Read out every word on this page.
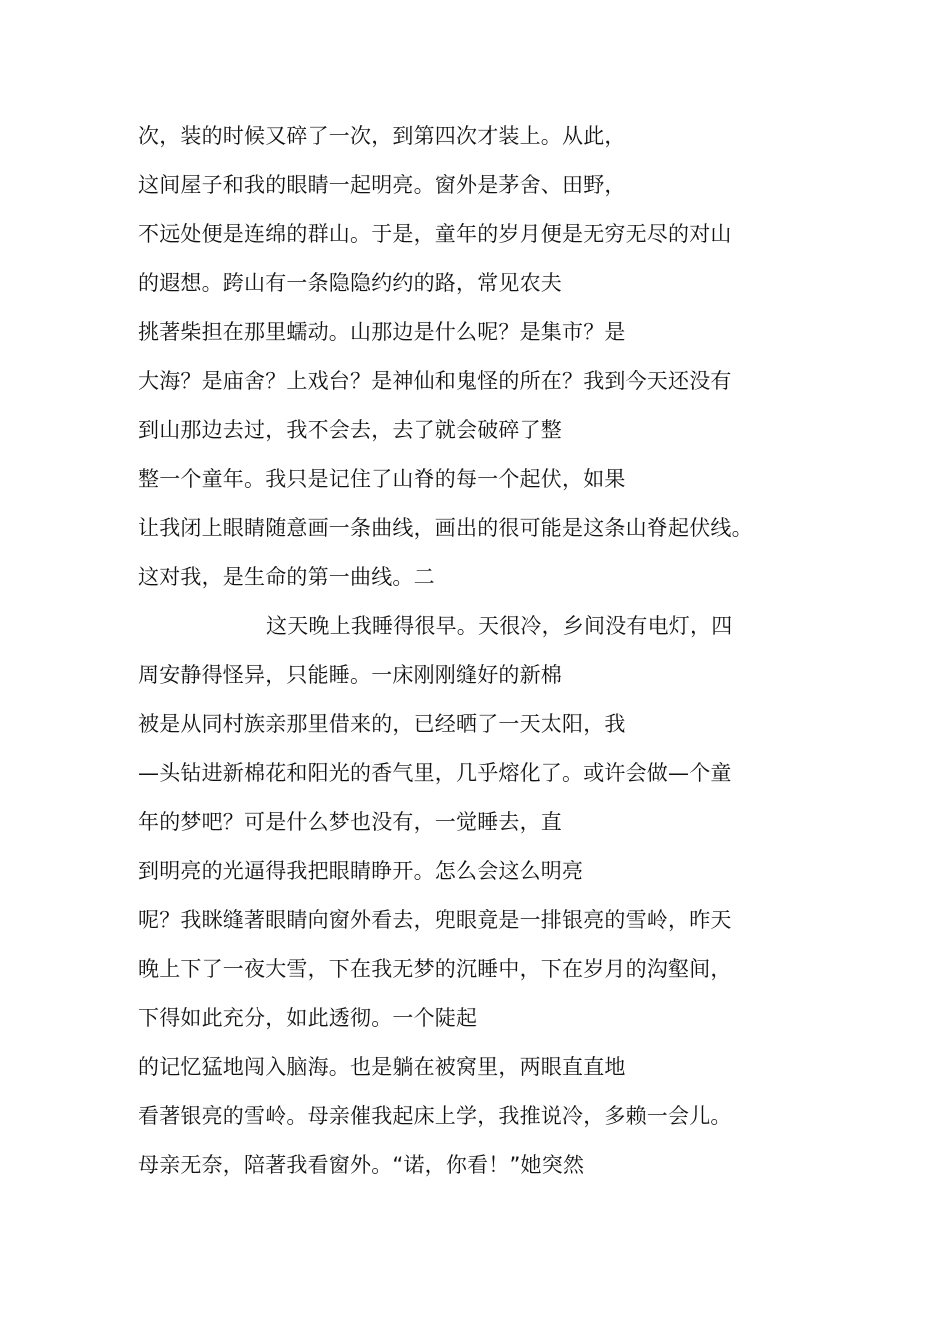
次，装的时候又碎了一次，到第四次才装上。从此，
这间屋子和我的眼睛一起明亮。窗外是茅舍、田野，
不远处便是连绵的群山。于是，童年的岁月便是无穷无尽的对山
的遐想。跨山有一条隐隐约约的路，常见农夫
挑著柴担在那里蠕动。山那边是什么呢？是集市？是
大海？是庙舍？上戏台？是神仙和鬼怪的所在？我到今天还没有
到山那边去过，我不会去，去了就会破碎了整
整一个童年。我只是记住了山脊的每一个起伏，如果
让我闭上眼睛随意画一条曲线，画出的很可能是这条山脊起伏线。
这对我，是生命的第一曲线。二
这天晚上我睡得很早。天很冷，乡间没有电灯，四
周安静得怪异，只能睡。一床刚刚缝好的新棉
被是从同村族亲那里借来的，已经晒了一天太阳，我
—头钻进新棉花和阳光的香气里，几乎熔化了。或许会做—个童
年的梦吧？可是什么梦也没有，一觉睡去，直
到明亮的光逼得我把眼睛睁开。怎么会这么明亮
呢？我眯缝著眼睛向窗外看去，兜眼竟是一排银亮的雪岭，昨天
晚上下了一夜大雪，下在我无梦的沉睡中，下在岁月的沟壑间，
下得如此充分，如此透彻。一个陡起
的记忆猛地闯入脑海。也是躺在被窝里，两眼直直地
看著银亮的雪岭。母亲催我起床上学，我推说冷，多赖一会儿。
母亲无奈，陪著我看窗外。“诺，你看！”她突然
